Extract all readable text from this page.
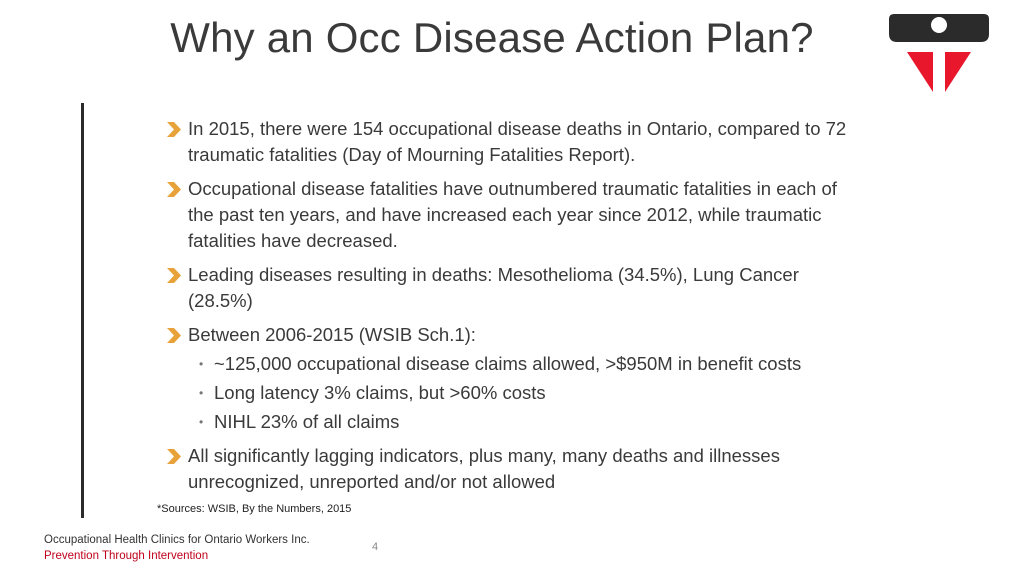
Why an Occ Disease Action Plan?
In 2015, there were 154 occupational disease deaths in Ontario, compared to 72 traumatic fatalities (Day of Mourning Fatalities Report).
Occupational disease fatalities have outnumbered traumatic fatalities in each of the past ten years, and have increased each year since 2012, while traumatic fatalities have decreased.
Leading diseases resulting in deaths: Mesothelioma (34.5%), Lung Cancer (28.5%)
Between 2006-2015 (WSIB Sch.1):
• ~125,000 occupational disease claims allowed, >$950M in benefit costs
• Long latency 3% claims, but >60% costs
• NIHL 23% of all claims
All significantly lagging indicators, plus many, many deaths and illnesses unrecognized, unreported and/or not allowed
*Sources: WSIB, By the Numbers, 2015
Occupational Health Clinics for Ontario Workers Inc.
Prevention Through Intervention
4
